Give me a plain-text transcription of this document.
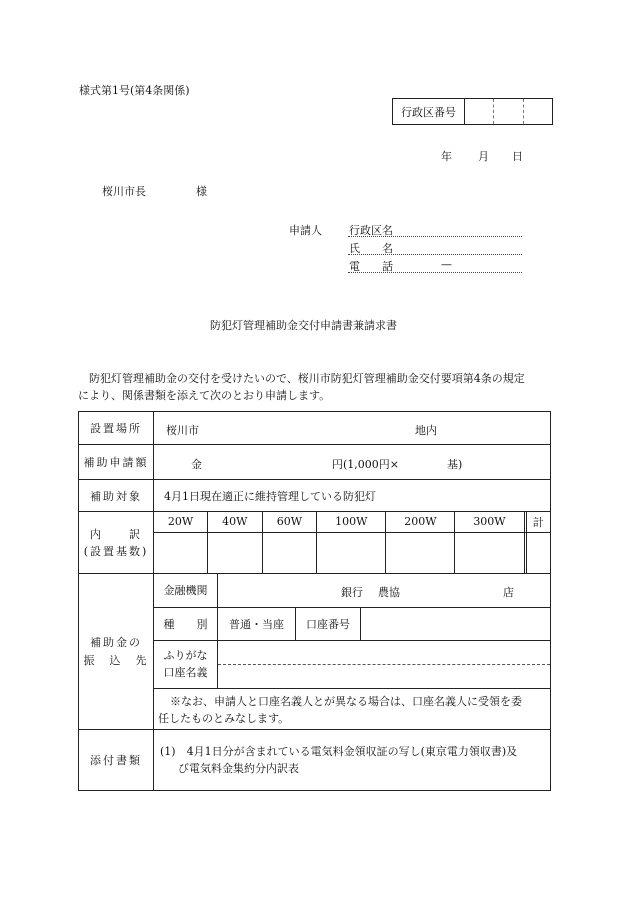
様式第1号(第4条関係)
行政区番号			
年 月 日
桜川市長	様
申請人 行政区名
氏　　名
電　　話	—
防犯灯管理補助金交付申請書兼請求書
防犯灯管理補助金の交付を受けたいので、桜川市防犯灯管理補助金交付要項第4条の規定
により、関係書類を添えて次のとおり申請します。
設置場所	桜川市	地内

補助申請額	金	円(1,000円×	基)

補助対象	4月1日現在適正に維持管理している防犯灯

内　　訳
(設置基数)

20W	40W	60W	100W	200W	300W		計

補助金の
振　込　先

金融機関	銀行 農協	店

種　　別	普通・当座	口座番号	

ふりがな
口座名義

※なお、申請人と口座名義人とが異なる場合は、口座名義人に受領を委
任したものとみなします。

添付書類	
(1)　4月1日分が含まれている電気料金領収証の写し(東京電力領収書)及
び電気料金集約分内訳表
